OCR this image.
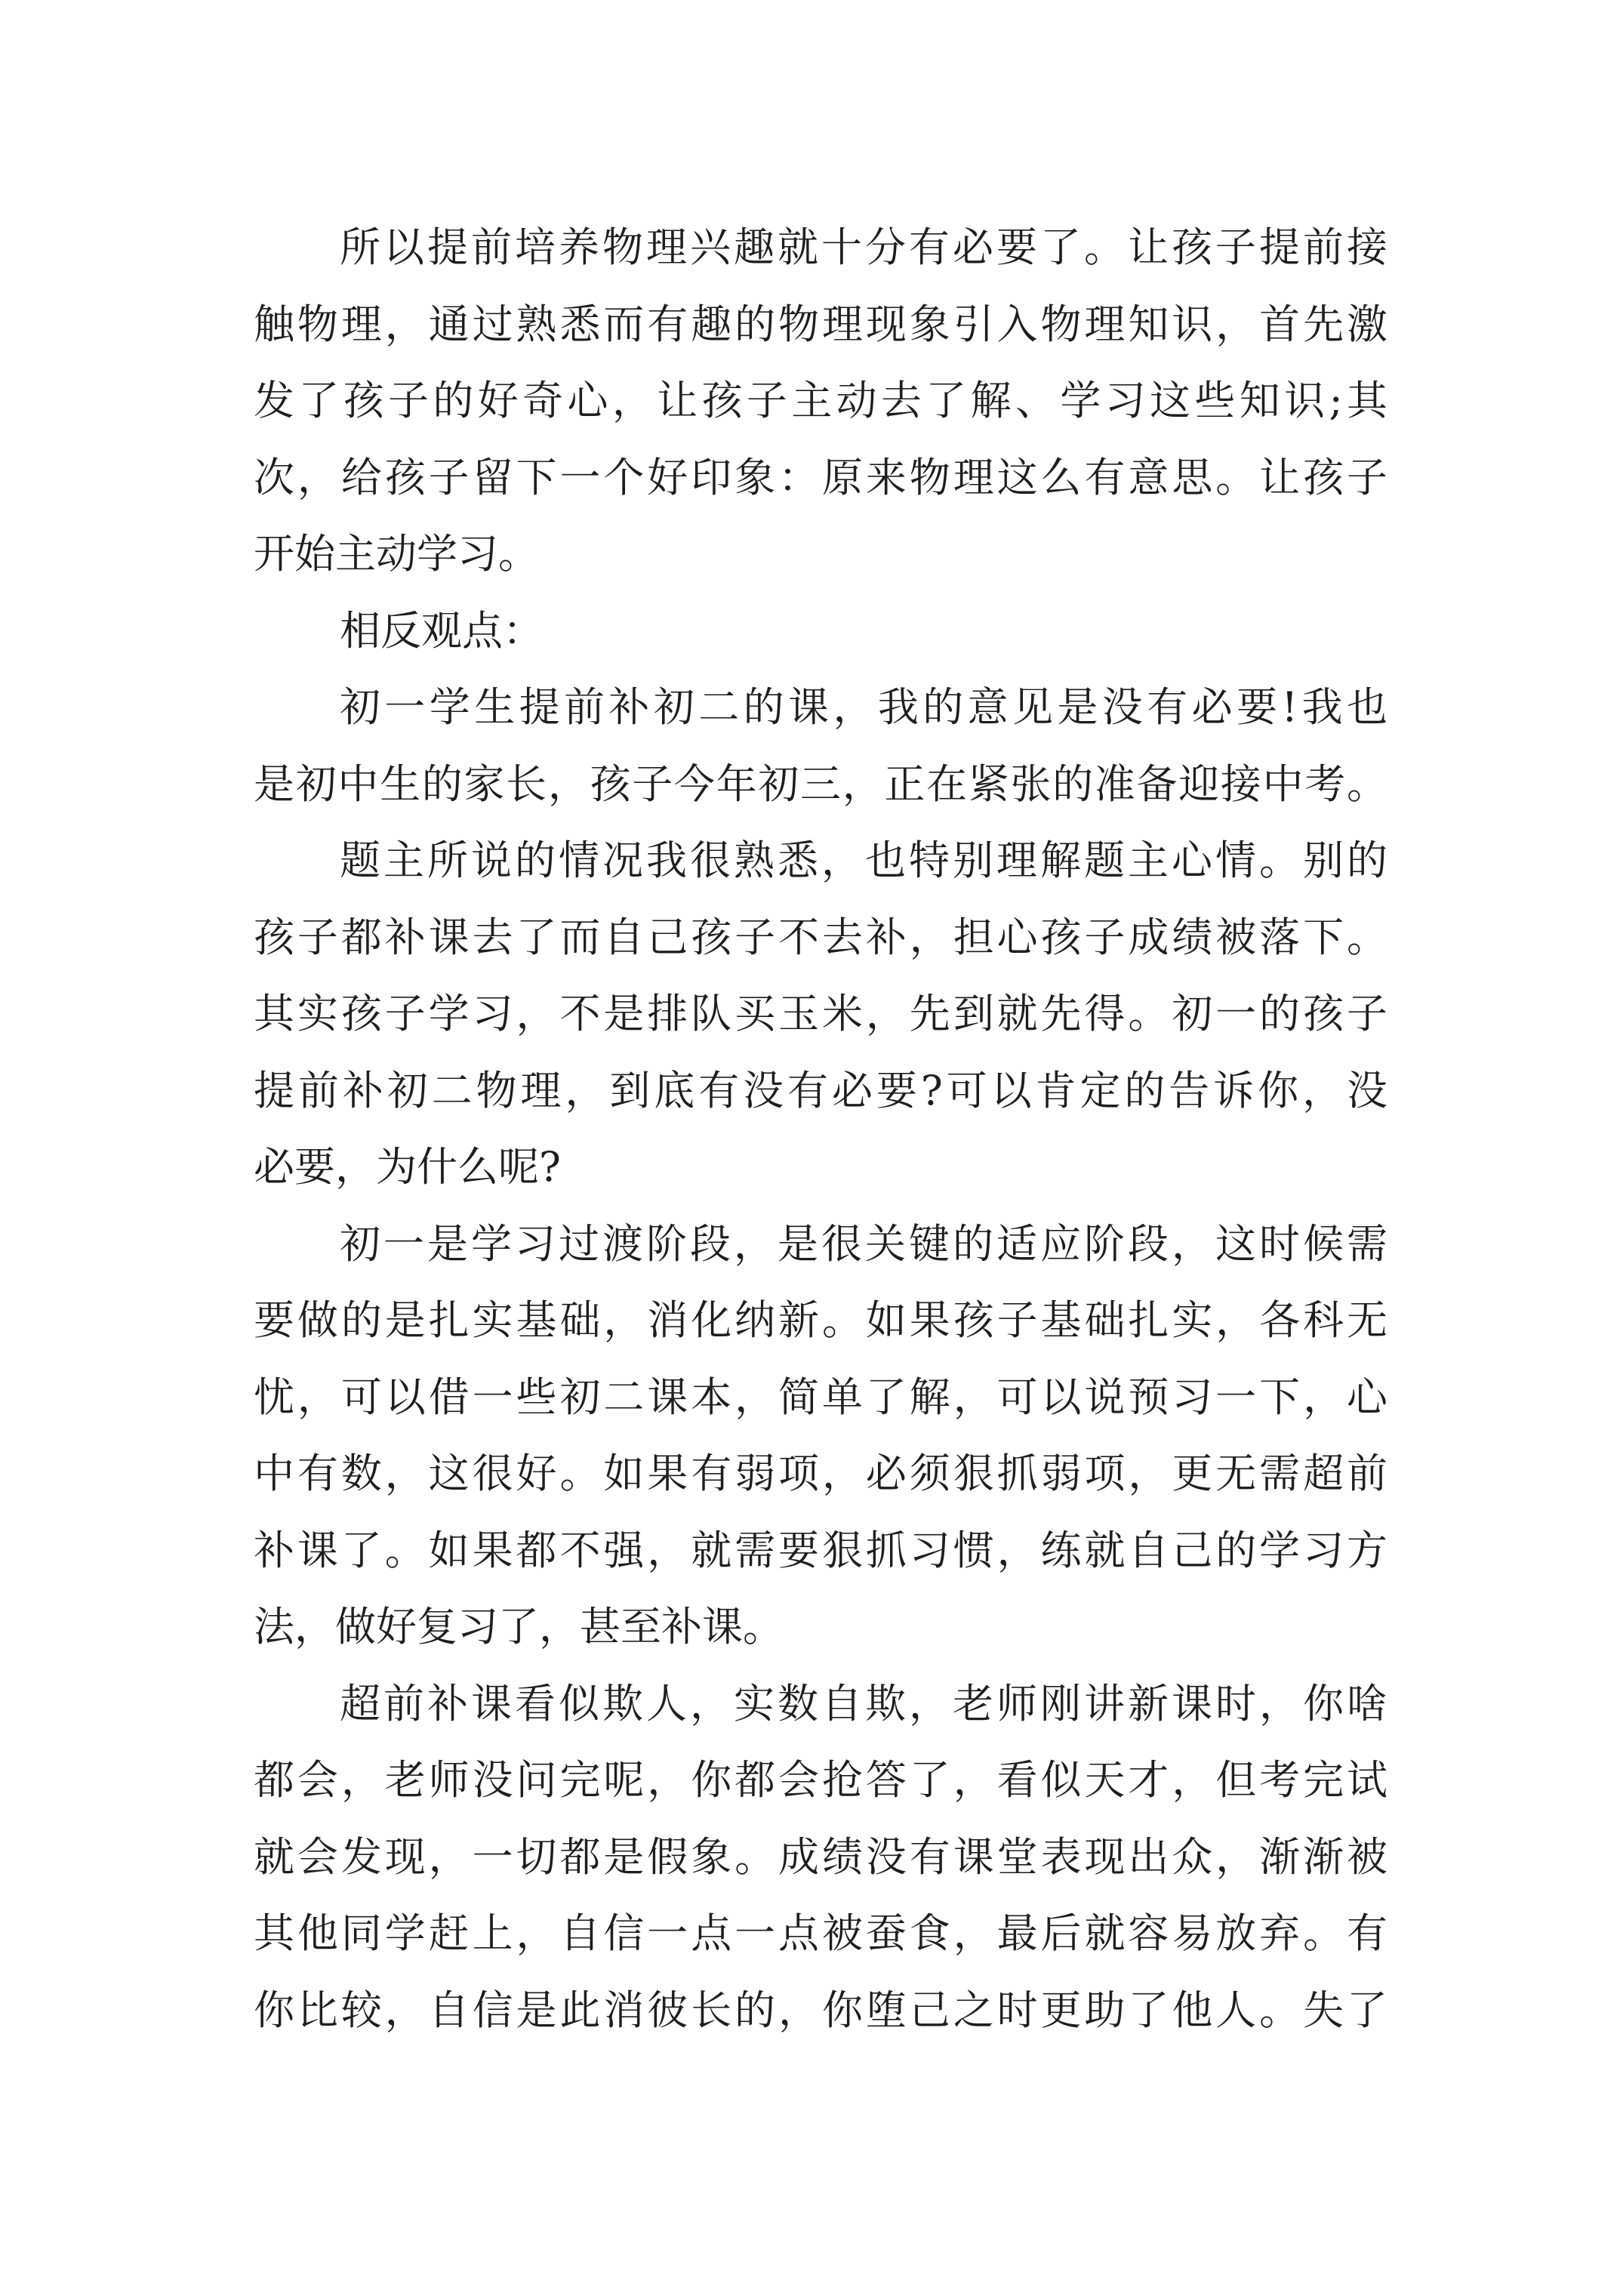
所以提前培养物理兴趣就十分有必要了。让孩子提前接
触物理，通过熟悉而有趣的物理现象引入物理知识，首先激
发了孩子的好奇心，让孩子主动去了解、学习这些知识;其
次，给孩子留下一个好印象：原来物理这么有意思。让孩子
开始主动学习。
相反观点：
初一学生提前补初二的课，我的意见是没有必要!我也
是初中生的家长，孩子今年初三，正在紧张的准备迎接中考。
题主所说的情况我很熟悉，也特别理解题主心情。别的
孩子都补课去了而自己孩子不去补，担心孩子成绩被落下。
其实孩子学习，不是排队买玉米，先到就先得。初一的孩子
提前补初二物理，到底有没有必要?可以肯定的告诉你，没
必要，为什么呢?
初一是学习过渡阶段，是很关键的适应阶段，这时候需
要做的是扎实基础，消化纳新。如果孩子基础扎实，各科无
忧，可以借一些初二课本，简单了解，可以说预习一下，心
中有数，这很好。如果有弱项，必须狠抓弱项，更无需超前
补课了。如果都不强，就需要狠抓习惯，练就自己的学习方
法，做好复习了，甚至补课。
超前补课看似欺人，实数自欺，老师刚讲新课时，你啥
都会，老师没问完呢，你都会抢答了，看似天才，但考完试
就会发现，一切都是假象。成绩没有课堂表现出众，渐渐被
其他同学赶上，自信一点一点被蚕食，最后就容易放弃。有
你比较，自信是此消彼长的，你堕己之时更助了他人。失了
